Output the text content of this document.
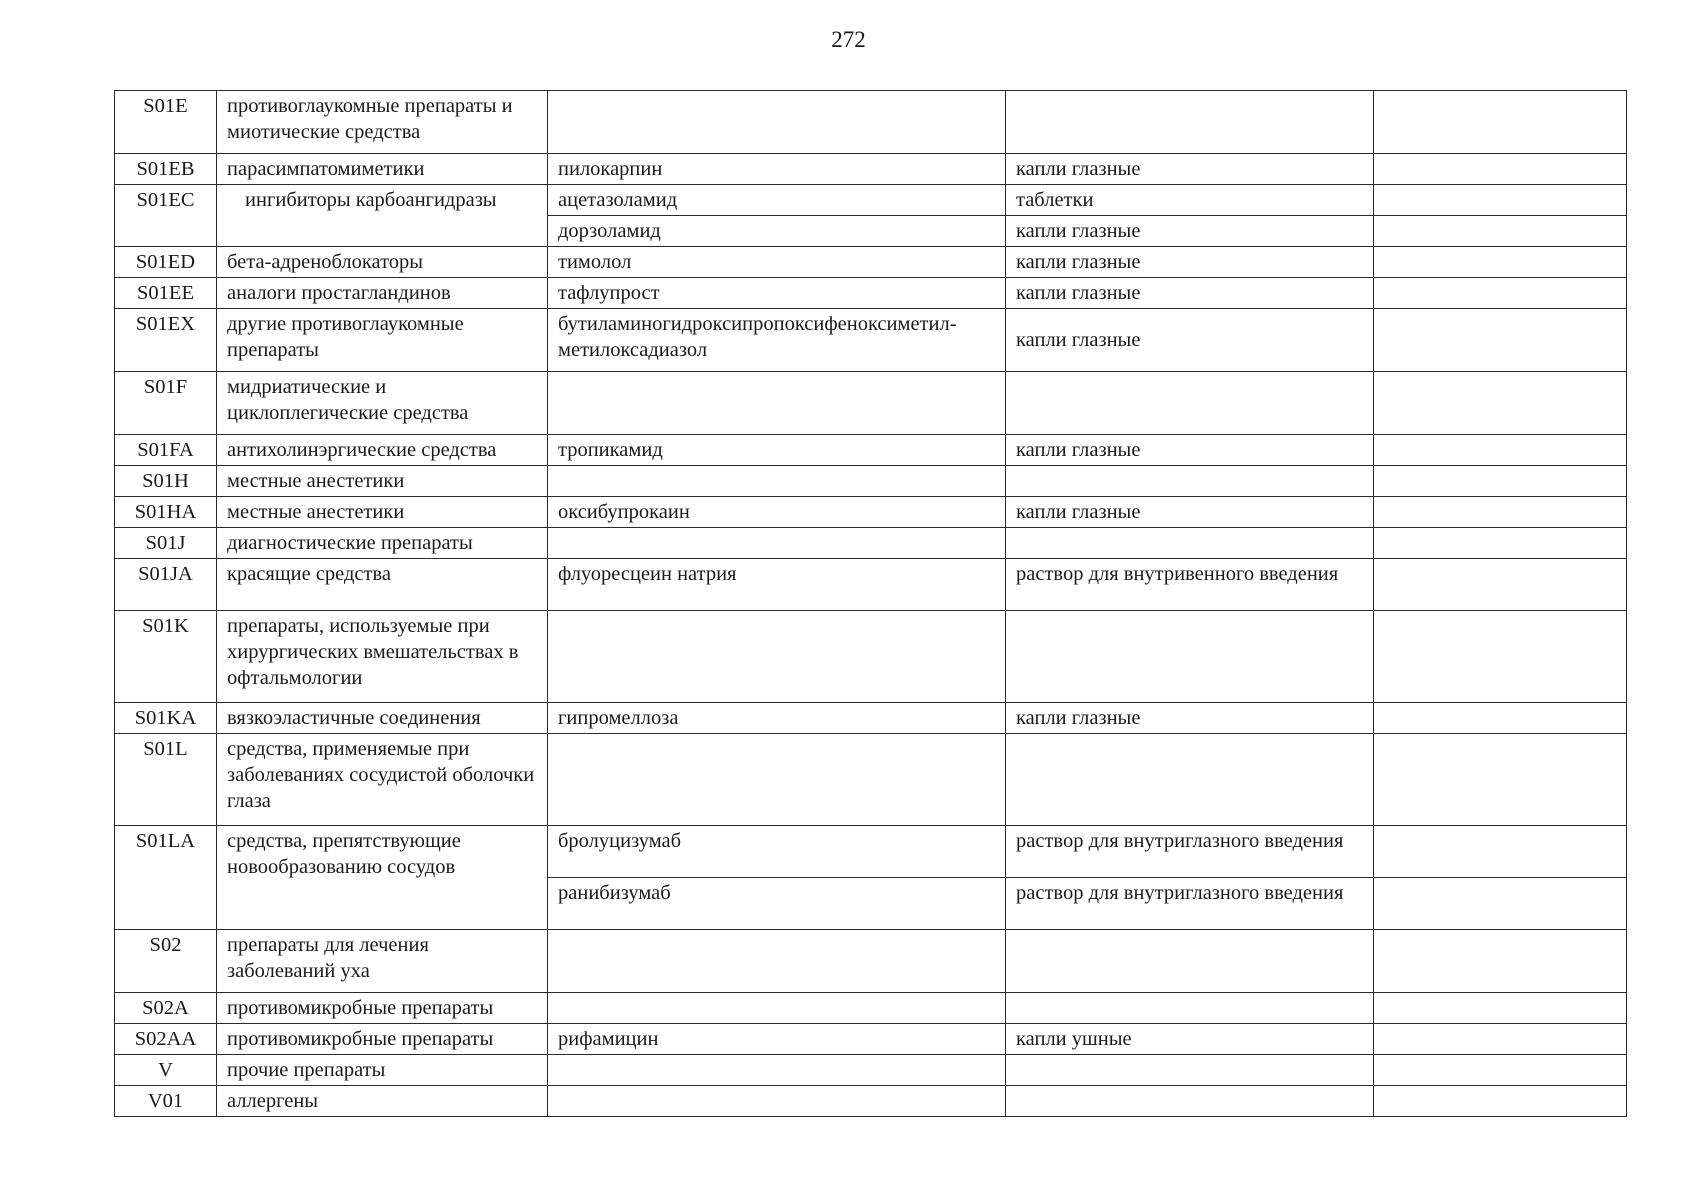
272
S01E	противоглаукомные препараты и миотические средства			
S01EB	парасимпатомиметики	пилокарпин	капли глазные	
S01EC	ингибиторы карбоангидразы	ацетазоламид	таблетки	
		дорзоламид	капли глазные	
S01ED	бета-адреноблокаторы	тимолол	капли глазные	
S01EE	аналоги простагландинов	тафлупрост	капли глазные	
S01EX	другие противоглаукомные препараты	бутиламиногидроксипропоксифеноксиметил-метилоксадиазол	капли глазные	
S01F	мидриатические и циклоплегические средства			
S01FA	антихолинэргические средства	тропикамид	капли глазные	
S01H	местные анестетики			
S01HA	местные анестетики	оксибупрокаин	капли глазные	
S01J	диагностические препараты			
S01JA	красящие средства	флуоресцеин натрия	раствор для внутривенного введения	
S01K	препараты, используемые при хирургических вмешательствах в офтальмологии			
S01KA	вязкоэластичные соединения	гипромеллоза	капли глазные	
S01L	средства, применяемые при заболеваниях сосудистой оболочки глаза			
S01LA	средства, препятствующие новообразованию сосудов	бролуцизумаб	раствор для внутриглазного введения	
		ранибизумаб	раствор для внутриглазного введения	
S02	препараты для лечения заболеваний уха			
S02A	противомикробные препараты			
S02AA	противомикробные препараты	рифамицин	капли ушные	
V	прочие препараты			
V01	аллергены			
